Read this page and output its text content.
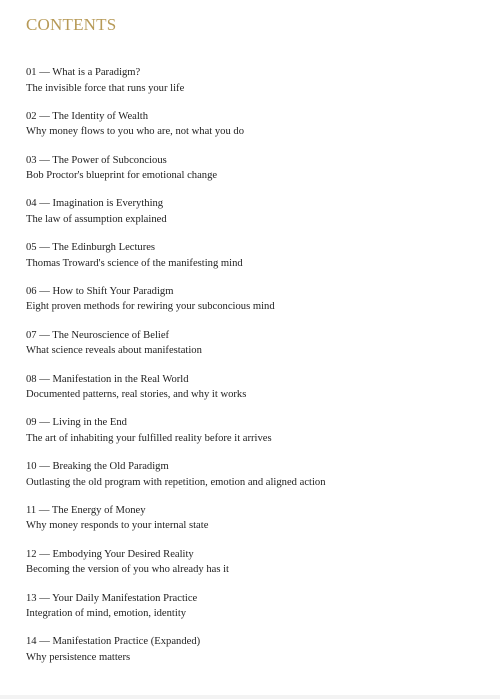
CONTENTS
01 — What is a Paradigm?
The invisible force that runs your life
02 — The Identity of Wealth
Why money flows to you who are, not what you do
03 — The Power of Subconcious
Bob Proctor's blueprint for emotional change
04 — Imagination is Everything
The law of assumption explained
05 — The Edinburgh Lectures
Thomas Troward's science of the manifesting mind
06 — How to Shift Your Paradigm
Eight proven methods for rewiring your subconcious mind
07 — The Neuroscience of Belief
What science reveals about manifestation
08 — Manifestation in the Real World
Documented patterns, real stories, and why it works
09 — Living in the End
The art of inhabiting your fulfilled reality before it arrives
10 — Breaking the Old Paradigm
Outlasting the old program with repetition, emotion and aligned action
11 — The Energy of Money
Why money responds to your internal state
12 — Embodying Your Desired Reality
Becoming the version of you who already has it
13 — Your Daily Manifestation Practice
Integration of mind, emotion, identity
14 — Manifestation Practice (Expanded)
Why persistence matters
